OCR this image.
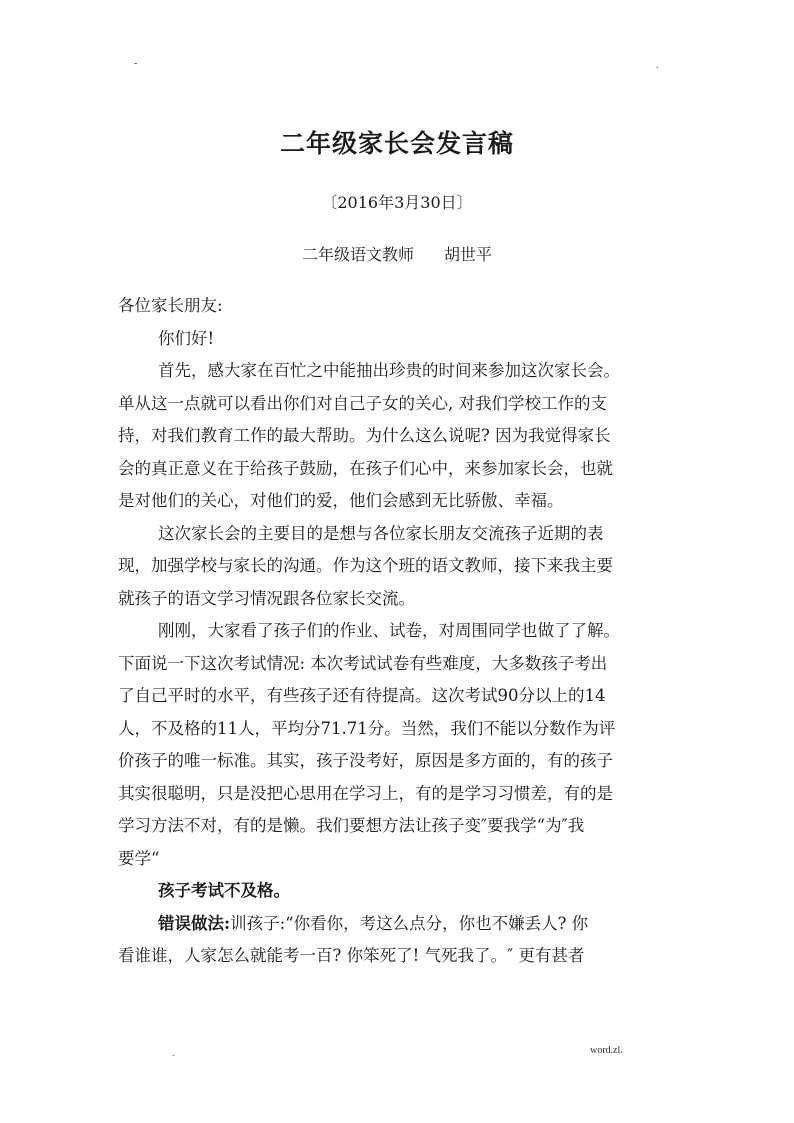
-	.
.
二年级家长会发言稿
〔2016年3月30日〕
二年级语文教师 胡世平
各位家长朋友:
你们好!
首先，感大家在百忙之中能抽出珍贵的时间来参加这次家长会。
单从这一点就可以看出你们对自己子女的关心, 对我们学校工作的支
持，对我们教育工作的最大帮助。为什么这么说呢? 因为我觉得家长
会的真正意义在于给孩子鼓励，在孩子们心中，来参加家长会，也就
是对他们的关心，对他们的爱，他们会感到无比骄傲、幸福。
这次家长会的主要目的是想与各位家长朋友交流孩子近期的表
现，加强学校与家长的沟通。作为这个班的语文教师，接下来我主要
就孩子的语文学习情况跟各位家长交流。
刚刚，大家看了孩子们的作业、试卷，对周围同学也做了了解。
下面说一下这次考试情况: 本次考试试卷有些难度，大多数孩子考出
了自己平时的水平，有些孩子还有待提高。这次考试90分以上的14
人，不及格的11人，平均分71.71分。当然，我们不能以分数作为评
价孩子的唯一标准。其实，孩子没考好，原因是多方面的，有的孩子
其实很聪明，只是没把心思用在学习上，有的是学习习惯差，有的是
学习方法不对，有的是懒。我们要想方法让孩子变″要我学“为″我
要学“
孩子考试不及格。
错误做法:训孩子:“你看你，考这么点分，你也不嫌丢人? 你
看谁谁，人家怎么就能考一百? 你笨死了! 气死我了。″ 更有甚者
word.zl.
